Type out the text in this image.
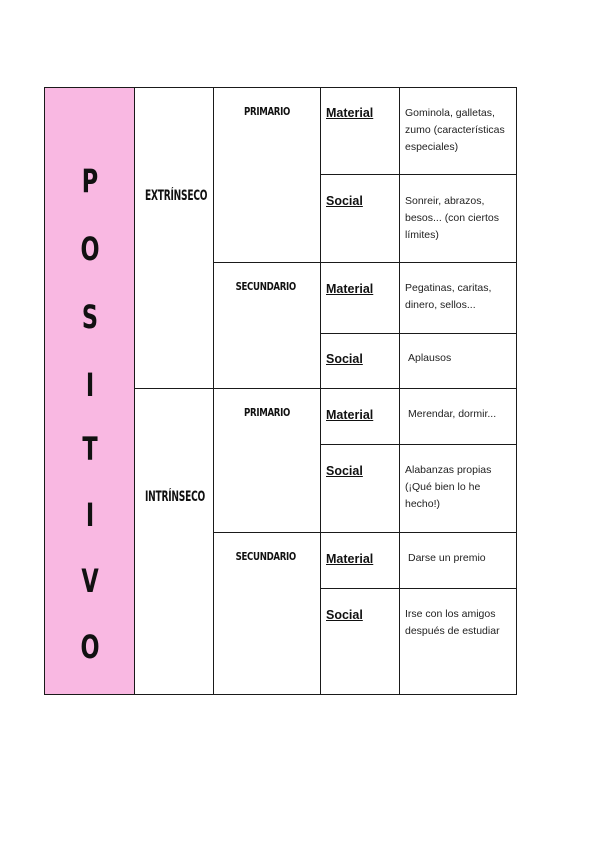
P
O
S
I
T
I
V
O
EXTRÍNSECO
INTRÍNSECO
PRIMARIO
SECUNDARIO
PRIMARIO
SECUNDARIO
Material
Social
Material
Social
Material
Social
Material
Social
Gominola, galletas, zumo (características especiales)
Sonreir, abrazos, besos... (con ciertos límites)
Pegatinas, caritas, dinero, sellos...
Aplausos
Merendar, dormir...
Alabanzas propias (¡Qué bien lo he hecho!)
Darse un premio
Irse con los amigos después de estudiar
